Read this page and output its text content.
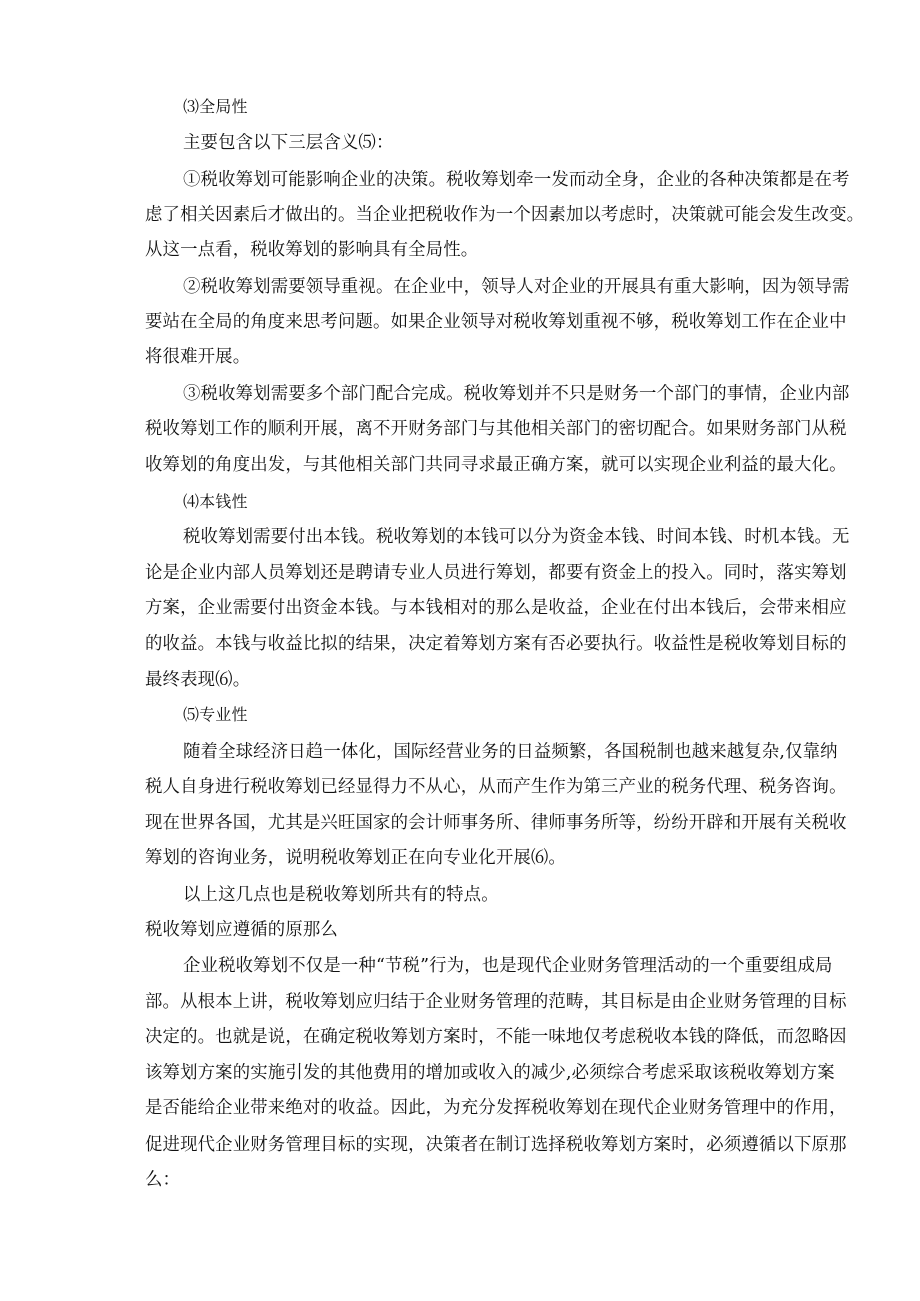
⑶全局性
主要包含以下三层含义⑸：
①税收筹划可能影响企业的决策。税收筹划牵一发而动全身，企业的各种决策都是在考
虑了相关因素后才做出的。当企业把税收作为一个因素加以考虑时，决策就可能会发生改变。
从这一点看，税收筹划的影响具有全局性。
②税收筹划需要领导重视。在企业中，领导人对企业的开展具有重大影响，因为领导需
要站在全局的角度来思考问题。如果企业领导对税收筹划重视不够，税收筹划工作在企业中
将很难开展。
③税收筹划需要多个部门配合完成。税收筹划并不只是财务一个部门的事情，企业内部
税收筹划工作的顺利开展，离不开财务部门与其他相关部门的密切配合。如果财务部门从税
收筹划的角度出发，与其他相关部门共同寻求最正确方案，就可以实现企业利益的最大化。
⑷本钱性
税收筹划需要付出本钱。税收筹划的本钱可以分为资金本钱、时间本钱、时机本钱。无
论是企业内部人员筹划还是聘请专业人员进行筹划，都要有资金上的投入。同时，落实筹划
方案，企业需要付出资金本钱。与本钱相对的那么是收益，企业在付出本钱后，会带来相应
的收益。本钱与收益比拟的结果，决定着筹划方案有否必要执行。收益性是税收筹划目标的
最终表现⑹。
⑸专业性
随着全球经济日趋一体化，国际经营业务的日益频繁，各国税制也越来越复杂,仅靠纳
税人自身进行税收筹划已经显得力不从心，从而产生作为第三产业的税务代理、税务咨询。
现在世界各国，尤其是兴旺国家的会计师事务所、律师事务所等，纷纷开辟和开展有关税收
筹划的咨询业务，说明税收筹划正在向专业化开展⑹。
以上这几点也是税收筹划所共有的特点。
税收筹划应遵循的原那么
企业税收筹划不仅是一种“节税”行为，也是现代企业财务管理活动的一个重要组成局
部。从根本上讲，税收筹划应归结于企业财务管理的范畴，其目标是由企业财务管理的目标
决定的。也就是说，在确定税收筹划方案时，不能一味地仅考虑税收本钱的降低，而忽略因
该筹划方案的实施引发的其他费用的增加或收入的减少,必须综合考虑采取该税收筹划方案
是否能给企业带来绝对的收益。因此，为充分发挥税收筹划在现代企业财务管理中的作用，
促进现代企业财务管理目标的实现，决策者在制订选择税收筹划方案时，必须遵循以下原那
么：
